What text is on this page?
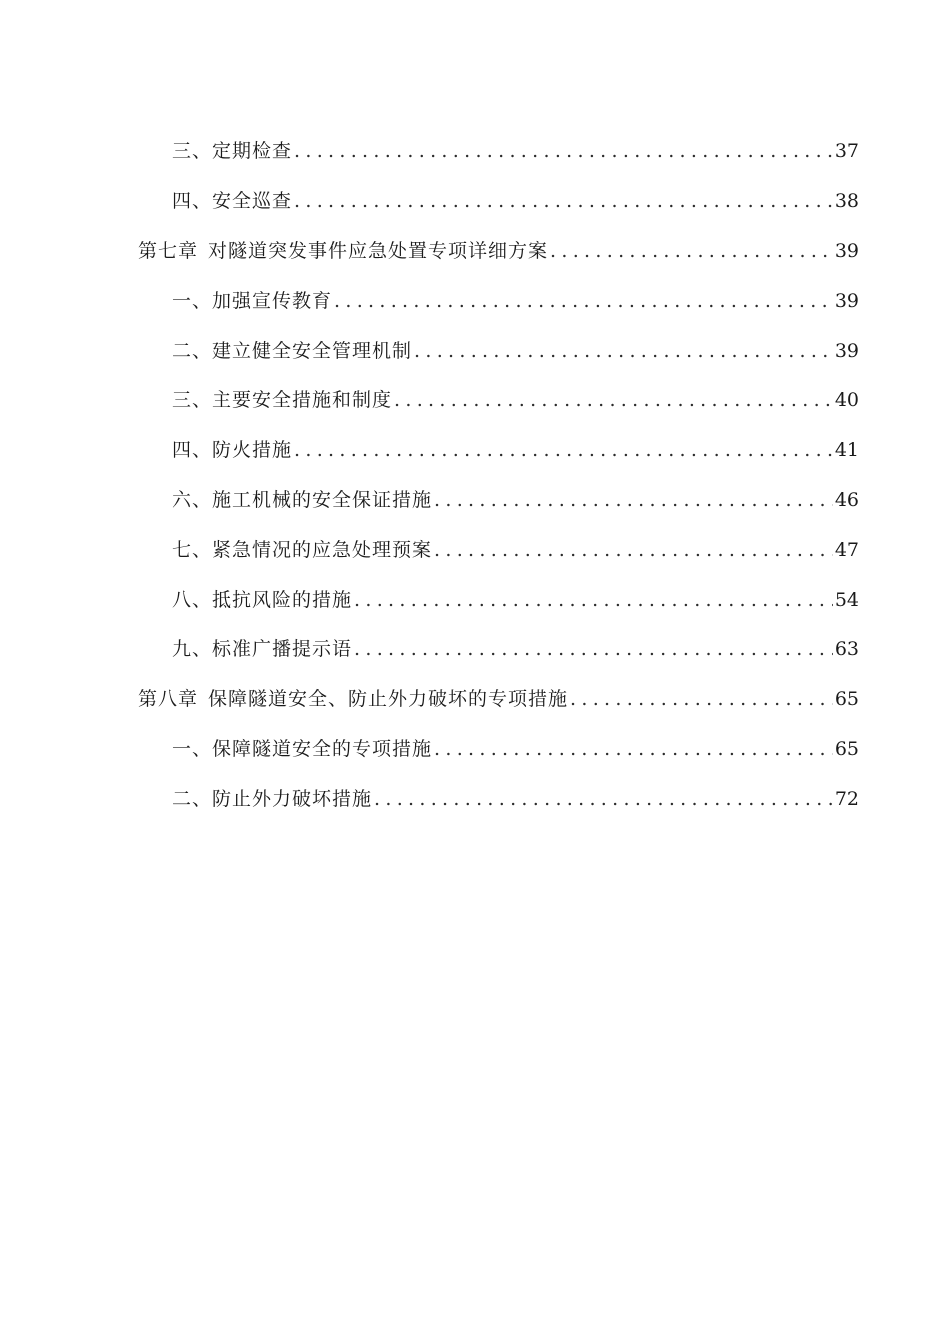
三、定期检查 .....	37
四、安全巡查 .....	38
第七章 对隧道突发事件应急处置专项详细方案 .....	39
一、加强宣传教育 .....	39
二、建立健全安全管理机制 .....	39
三、主要安全措施和制度 .....	40
四、防火措施 .....	41
六、施工机械的安全保证措施 .....	46
七、紧急情况的应急处理预案 .....	47
八、抵抗风险的措施 .....	54
九、标准广播提示语 .....	63
第八章 保障隧道安全、防止外力破坏的专项措施 .....	65
一、保障隧道安全的专项措施 .....	65
二、防止外力破坏措施 .....	72
